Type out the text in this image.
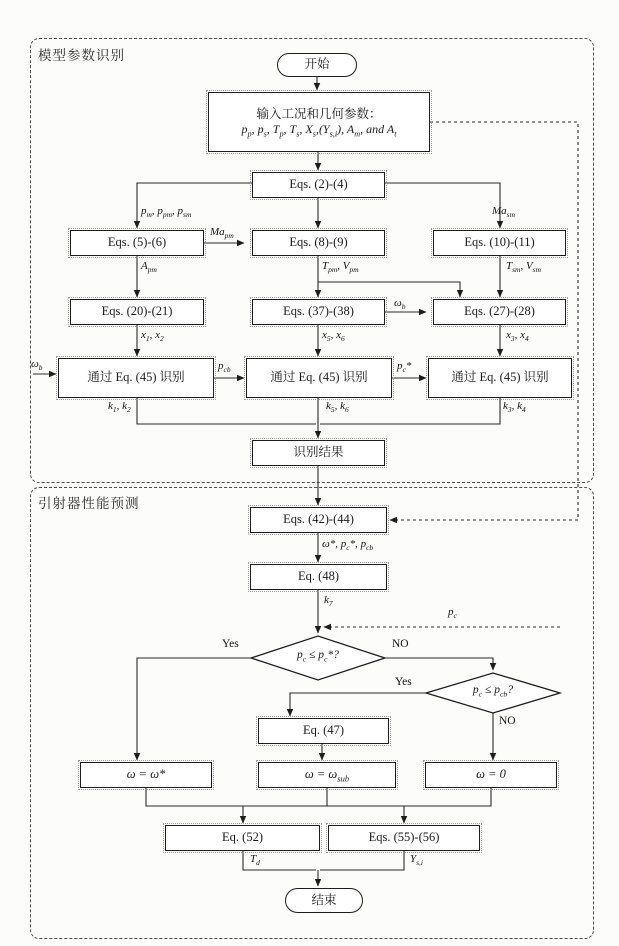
模型参数识别
引射器性能预测
开始
输入工况和几何参数：
$p_p$, $p_s$, $T_p$, $T_s$, $X_s,(Y_{s,i})$, $A_m$, and $A_t$
Eqs. (2)-(4)
Eqs. (5)-(6)	Eqs. (8)-(9)	Eqs. (10)-(11)
Eqs. (20)-(21)	Eqs. (37)-(38)	Eqs. (27)-(28)
通过 Eq. (45) 识别	通过 Eq. (45) 识别	通过 Eq. (45) 识别
识别结果
Eqs. (42)-(44)
Eq. (48)
$p_c \le p_c*$?
$p_c \le p_{cb}$?
Eq. (47)
ω = ω*	$\omega = \omega_{sub}$	ω = 0
Eq. (52)	Eqs. (55)-(56)
结束
$p_m$, $p_{pm}$, $p_{sm}$	$Ma_{sm}$
$Ma_{pm}$
$A_{pm}$	$T_{pm}$, $V_{pm}$	$T_{sm}$, $V_{sm}$
$\omega_b$
$x_1$, $x_2$	$x_5$, $x_6$	$x_3$, $x_4$
$\omega_b$	$p_{cb}$	$p_c*$
$k_1$, $k_2$	$k_5$, $k_6$	$k_3$, $k_4$
ω*, $p_c*$, $p_{cb}$
$k_7$
$p_c$
Yes	NO
Yes
NO
$T_d$	$Y_{s,i}$
